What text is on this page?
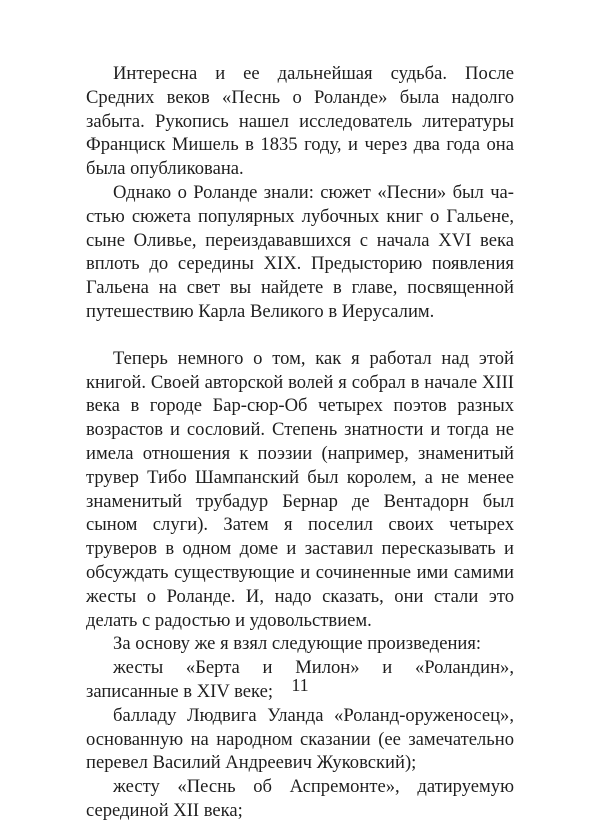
Интересна и ее дальнейшая судьба. После Средних веков «Песнь о Роланде» была надолго забыта. Рукопись нашел исследователь литературы Франциск Мишель в 1835 году, и через два года она была опубликована.

Однако о Роланде знали: сюжет «Песни» был частью сюжета популярных лубочных книг о Гальене, сыне Оливье, переиздававшихся с начала XVI века вплоть до середины XIX. Предысторию появления Гальена на свет вы найдете в главе, посвященной путешествию Карла Великого в Иерусалим.

Теперь немного о том, как я работал над этой книгой. Своей авторской волей я собрал в начале XIII века в городе Бар-сюр-Об четырех поэтов разных возрастов и сословий. Степень знатности и тогда не имела отношения к поэзии (например, знаменитый трувер Тибо Шампанский был королем, а не менее знаменитый трубадур Бернар де Вентадорн был сыном слуги). Затем я поселил своих четырех труверов в одном доме и заставил пересказывать и обсуждать существующие и сочиненные ими самими жесты о Роланде. И, надо сказать, они стали это делать с радостью и удовольствием.

За основу же я взял следующие произведения:

жесты «Берта и Милон» и «Роландин», записанные в XIV веке;

балладу Людвига Уланда «Роланд-оруженосец», основанную на народном сказании (ее замечательно перевел Василий Андреевич Жуковский);

жесту «Песнь об Аспремонте», датируемую серединой XII века;

11
